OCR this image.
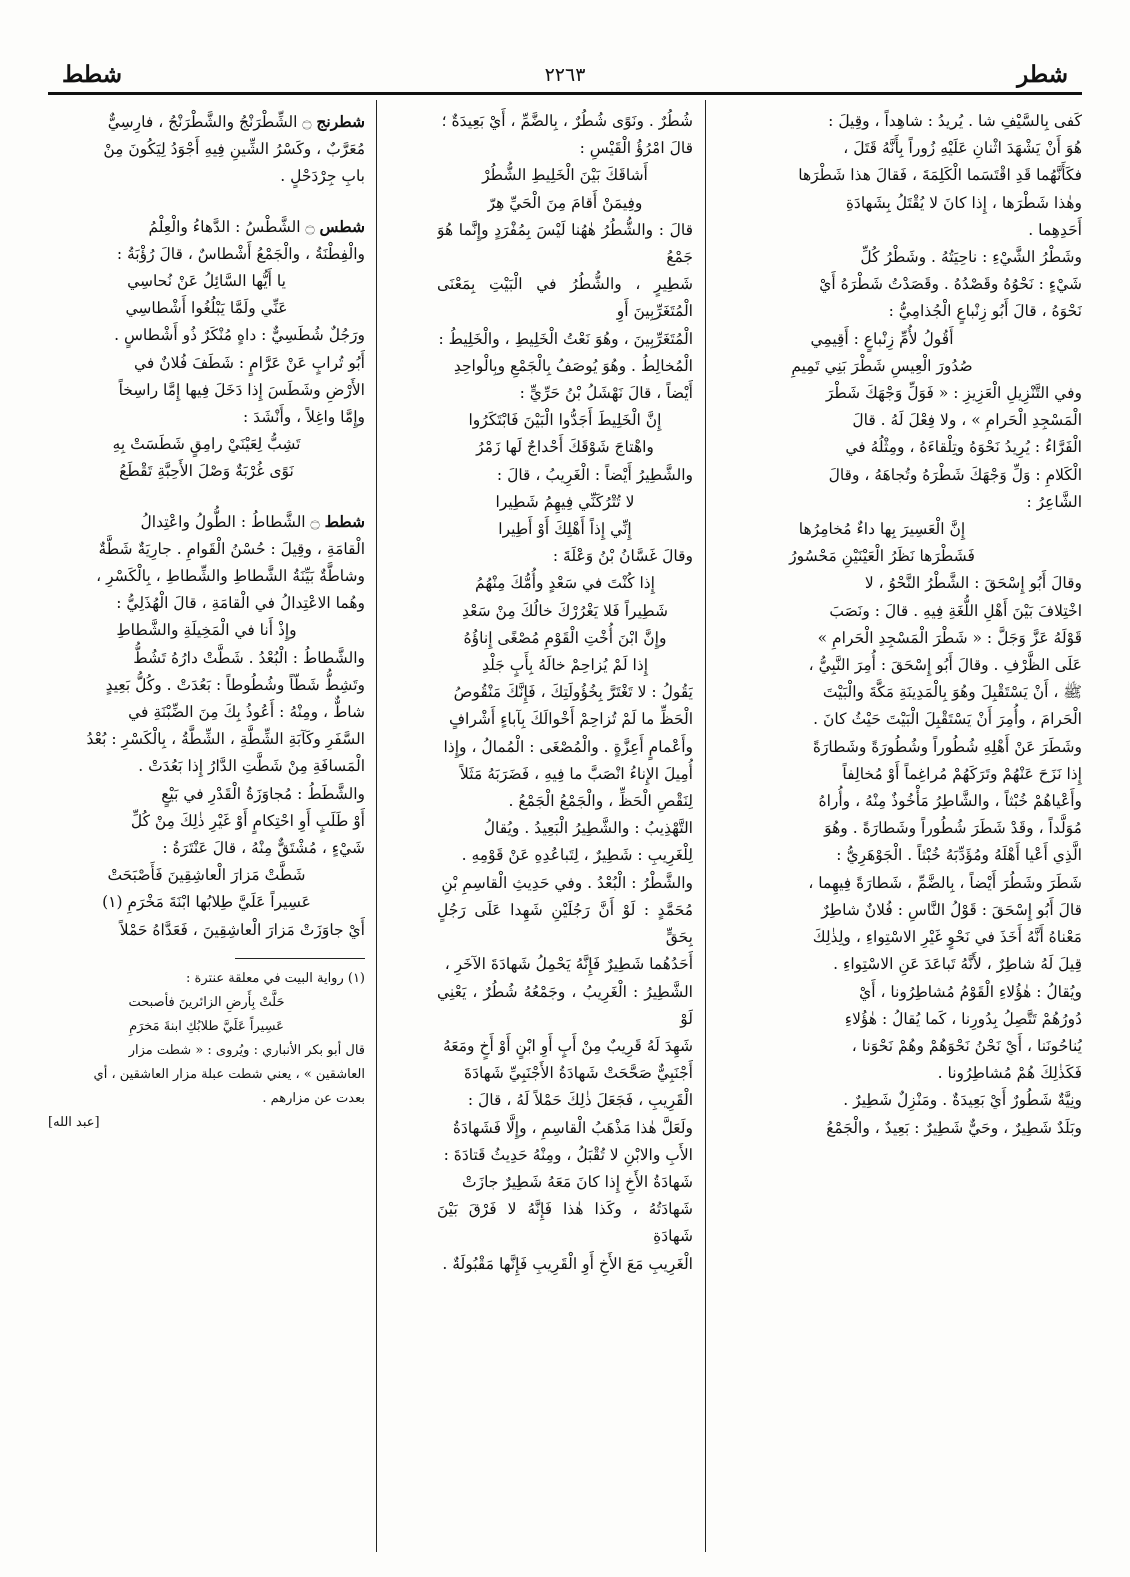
شطر
٢٢٦٣
شطط

كَفى بِالسَّيْفِ شا . يُريدُ : شاهِداً ، وقِيلَ :

هُوَ أَنْ يَشْهَدَ اثْنانِ عَلَيْهِ زُوراً بِأَنَّهُ قَتَلَ ،

فكَأَنَّهُما قَدِ اقْتَسَما الْكَلِمَةَ ، فَقالَ هذا شَطْرَها

وهٰذا شَطْرَها ، إِذا كانَ لا يُقْتَلُ بِشَهادَةِ

أَحَدِهِما .

وشَطْرُ الشَّيْءِ : ناحِيَتُهُ . وشَطْرُ كُلِّ

شَيْءٍ : نَحْوُهُ وقَصْدُهُ . وقَصَدْتُ شَطْرَهُ أَيْ

نَحْوَهُ ، قالَ أَبُو زِنْباعٍ الْجُذامِيُّ :

أَقُولُ لأُمِّ زِنْباعٍ : أَقِيمِي

صُدُورَ الْعِيسِ شَطْرَ بَنِي تَمِيمِ

وفي التَّنْزِيلِ الْعَزِيزِ : « فَوَلِّ وَجْهَكَ شَطْرَ

الْمَسْجِدِ الْحَرامِ » ، ولا فِعْلَ لَهُ . قالَ

الْفَرَّاءُ : يُرِيدُ نَحْوَهُ وتِلْقاءَهُ ، ومِثْلُهُ في

الْكَلامِ : وَلِّ وَجْهَكَ شَطْرَهُ وتُجاهَهُ ، وقالَ

الشَّاعِرُ :

إِنَّ الْعَسِيرَ بِها داءٌ مُخامِرُها

فَشَطْرَها نَظَرُ الْعَيْنَيْنِ مَحْسُورُ

وقالَ أَبُو إِسْحَقَ : الشَّطْرُ النَّحْوُ ، لا

اخْتِلافَ بَيْنَ أَهْلِ اللُّغَةِ فِيهِ . قالَ : ونَصَبَ

قَوْلَهُ عَزَّ وَجَلَّ : « شَطْرَ الْمَسْجِدِ الْحَرامِ »

عَلَى الظَّرْفِ . وقالَ أَبُو إِسْحَقَ : أُمِرَ النَّبِيُّ ،

ﷺ ، أَنْ يَسْتَقْبِلَ وهُوَ بِالْمَدِينَةِ مَكَّةَ والْبَيْتَ

الْحَرامَ ، وأُمِرَ أَنْ يَسْتَقْبِلَ الْبَيْتَ حَيْثُ كانَ .

وشَطَرَ عَنْ أَهْلِهِ شُطُوراً وشُطُورَةً وشَطارَةً

إِذا نَزَحَ عَنْهُمْ وتَرَكَهُمْ مُراغِماً أَوْ مُخالِفاً

وأَعْياهُمْ خُبْثاً ، والشَّاطِرُ مَأْخُوذٌ مِنْهُ ، وأُراهُ

مُوَلَّداً ، وقَدْ شَطَرَ شُطُوراً وشَطارَةً . وهُوَ

الَّذِي أَعْيا أَهْلَهُ ومُؤَدِّبَهُ خُبْثاً . الْجَوْهَرِيُّ :

شَطَرَ وشَطُرَ أَيْضاً ، بِالضَّمِّ ، شَطارَةً فِيهِما ،

قالَ أَبُو إِسْحَقَ : قَوْلُ النَّاسِ : فُلانٌ شاطِرٌ

مَعْناهُ أَنَّهُ أَخَذَ في نَحْوٍ غَيْرِ الاسْتِواءِ ، ولِذٰلِكَ

قِيلَ لَهُ شاطِرٌ ، لأَنَّهُ تَباعَدَ عَنِ الاسْتِواءِ .

ويُقالُ : هٰؤُلاءِ الْقَوْمُ مُشاطِرُونا ، أَيْ

دُورُهُمْ تَتَّصِلُ بِدُورِنا ، كَما يُقالُ : هٰؤُلاءِ

يُناحُونَنا ، أَيْ نَحْنُ نَحْوَهُمْ وهُمْ نَحْوَنا ،

فَكَذٰلِكَ هُمْ مُشاطِرُونا .

ونِيَّةٌ شَطُورٌ أَيْ بَعِيدَةٌ . ومَنْزِلٌ شَطِيرٌ .

وبَلَدٌ شَطِيرٌ ، وحَيٌّ شَطِيرٌ : بَعِيدٌ ، والْجَمْعُ

شُطُرٌ . ونَوًى شُطُرٌ ، بِالضَّمِّ ، أَيْ بَعِيدَةٌ ؛

قالَ امْرُؤُ الْقَيْسِ :

أَشاقَكَ بَيْنَ الْخَلِيطِ الشُّطُرْ

وفِيمَنْ أَقامَ مِنَ الْحَيِّ هِرّ

قالَ : والشُّطُرُ هٰهُنا لَيْسَ بِمُفْرَدٍ وإِنَّما هُوَ جَمْعُ

شَطِيرٍ ، والشُّطُرُ في الْبَيْتِ بِمَعْنَى الْمُتَغَرِّبِينَ أَوِ

الْمُتَغَرِّبِينَ ، وهُوَ نَعْتُ الْخَلِيطِ ، والْخَلِيطُ :

الْمُخالِطُ . وهُوَ يُوصَفُ بِالْجَمْعِ وبِالْواحِدِ

أَيْضاً ، قالَ نَهْشَلُ بْنُ حَرِّيٍّ :

إِنَّ الْخَلِيطَ أَجَدُّوا الْبَيْنَ فَابْتَكَرُوا

واهْتاجَ شَوْقَكَ أَحْداجٌ لَها زَمْرُ

والشَّطِيرُ أَيْضاً : الْغَرِيبُ ، قالَ :

لا تُتْرُكَنِّي فِيهِمُ شَطِيرا

إِنِّي إِذاً أَهْلِكَ أَوْ أَطِيرا

وقالَ غَسَّانُ بْنُ وَعْلَةَ :

إِذا كُنْتَ في سَعْدٍ وأُمُّكَ مِنْهُمُ

شَطِيراً فَلا يَغْرُرْكَ خالُكَ مِنْ سَعْدِ

وإِنَّ ابْنَ أُخْتِ الْقَوْمِ مُصْغًى إِناؤُهُ

إِذا لَمْ يُزاحِمْ خالَهُ بِأَبٍ جَلْدِ

يَقُولُ : لا تَغْتَرَّ بِخُؤُولَتِكَ ، فَإِنَّكَ مَنْقُوصُ

الْحَظِّ ما لَمْ تُزاحِمْ أَخْوالَكَ بِآباءٍ أَشْرافٍ

وأَعْمامٍ أَعِزَّةٍ . والْمُصْغَى : الْمُمالُ ، وإِذا

أُمِيلَ الإِناءُ انْصَبَّ ما فِيهِ ، فَضَرَبَهُ مَثَلاً

لِنَقْصِ الْحَظِّ ، والْجَمْعُ الْجَمْعُ .

التَّهْذِيبُ : والشَّطِيرُ الْبَعِيدُ . ويُقالُ

لِلْغَرِيبِ : شَطِيرٌ ، لِتَباعُدِهِ عَنْ قَوْمِهِ .

والشَّطْرُ : الْبُعْدُ . وفي حَدِيثِ الْقاسِمِ بْنِ

مُحَمَّدٍ : لَوْ أَنَّ رَجُلَيْنِ شَهِدا عَلَى رَجُلٍ بِحَقٍّ

أَحَدُهُما شَطِيرٌ فَإِنَّهُ يَحْمِلُ شَهادَةَ الآخَرِ ،

الشَّطِيرُ : الْغَرِيبُ ، وجَمْعُهُ شُطُرٌ ، يَعْنِي لَوْ

شَهِدَ لَهُ قَرِيبٌ مِنْ أَبٍ أَوِ ابْنٍ أَوْ أَخٍ ومَعَهُ

أَجْنَبِيٌّ صَحَّحَتْ شَهادَةُ الأَجْنَبِيِّ شَهادَةَ

الْقَرِيبِ ، فَجَعَلَ ذٰلِكَ حَمْلاً لَهُ ، قالَ :

ولَعَلَّ هٰذا مَذْهَبُ الْقاسِمِ ، وإِلَّا فَشَهادَةُ

الأَبِ والابْنِ لا تُقْبَلُ ، ومِنْهُ حَدِيثُ قَتادَةَ :

شَهادَةُ الأَخِ إِذا كانَ مَعَهُ شَطِيرٌ جازَتْ

شَهادَتُهُ ، وكَذا هٰذا فَإِنَّهُ لا فَرْقَ بَيْنَ شَهادَةِ

الْغَرِيبِ مَعَ الأَخِ أَوِ الْقَرِيبِ فَإِنَّها مَقْبُولَةٌ .

شطرنج ۝ الشِّطْرَنْجُ والشَّطْرَنْجُ ، فارِسِيٌّ

مُعَرَّبٌ ، وكَسْرُ الشِّينِ فِيهِ أَجْوَدُ لِيَكُونَ مِنْ

بابِ جِرْدَحْلٍ .

شطس ۝ الشَّطْسُ : الدَّهاءُ والْعِلْمُ

والْفِطْنَةُ ، والْجَمْعُ أَشْطاسٌ ، قالَ رُؤْبَةُ :

يا أَيُّها السَّائِلُ عَنْ نُحاسِي

عَنِّي ولَمَّا يَبْلُغُوا أَشْطاسِي

ورَجُلٌ شُطَسِيٌّ : داهٍ مُنْكَرٌ ذُو أَشْطاسٍ .

أَبُو تُرابٍ عَنْ عَرَّامٍ : شَطَفَ فُلانٌ في

الأَرْضِ وشَطَسَ إِذا دَخَلَ فِيها إِمَّا راسِخاً

وإِمَّا واغِلاً ، وأَنْشَدَ :

تَشِبُّ لِعَيْنَيْ رامِقٍ شَطَسَتْ بِهِ

نَوًى غُرْبَةٌ وَصْلَ الأَحِبَّةِ تَقْطَعُ

شطط ۝ الشَّطاطُ : الطُّولُ واعْتِدالُ

الْقامَةِ ، وقِيلَ : حُسْنُ الْقَوامِ . جارِيَةٌ شَطَّةٌ

وشاطَّةٌ بَيِّنَةُ الشَّطاطِ والشِّطاطِ ، بِالْكَسْرِ ،

وهُما الاعْتِدالُ في الْقامَةِ ، قالَ الْهُذَلِيُّ :

وإِذْ أَنا في الْمَخِيلَةِ والشَّطاطِ

والشَّطاطُ : الْبُعْدُ . شَطَّتْ دارُهُ تَشُطُّ

وتَشِطُّ شَطّاً وشُطُوطاً : بَعُدَتْ . وكُلُّ بَعِيدٍ

شاطٌّ ، ومِنْهُ : أَعُوذُ بِكَ مِنَ الضِّبْنَةِ في

السَّفَرِ وكَآبَةِ الشِّطَّةِ ، الشِّطَّةُ ، بِالْكَسْرِ : بُعْدُ

الْمَسافَةِ مِنْ شَطَّتِ الدَّارُ إِذا بَعُدَتْ .

والشَّطَطُ : مُجاوَزَةُ الْقَدْرِ في بَيْعٍ

أَوْ طَلَبٍ أَوِ احْتِكامٍ أَوْ غَيْرِ ذٰلِكَ مِنْ كُلِّ

شَيْءٍ ، مُشْتَقٌّ مِنْهُ ، قالَ عَنْتَرَةُ :

شَطَّتْ مَزارَ الْعاشِقِينَ فَأَصْبَحَتْ

عَسِيراً عَلَيَّ طِلابُها ابْنَةَ مَخْرَمِ (١)

أَيْ جاوَزَتْ مَزارَ الْعاشِقِينَ ، فَعَدَّاهُ حَمْلاً

(١) رواية البيت في معلقة عنترة :

حَلَّتْ بِأَرضِ الزائرينَ فأصبحت

عَسِيراً عَلَيَّ طلابُكِ ابنةَ مَخرَمِ

قال أبو بكر الأنباري : ويُروى : « شطت مزار

العاشقين » ، يعني شطت عبلة مزار العاشقين ، أي

بعدت عن مزارهم .

[عبد الله]
